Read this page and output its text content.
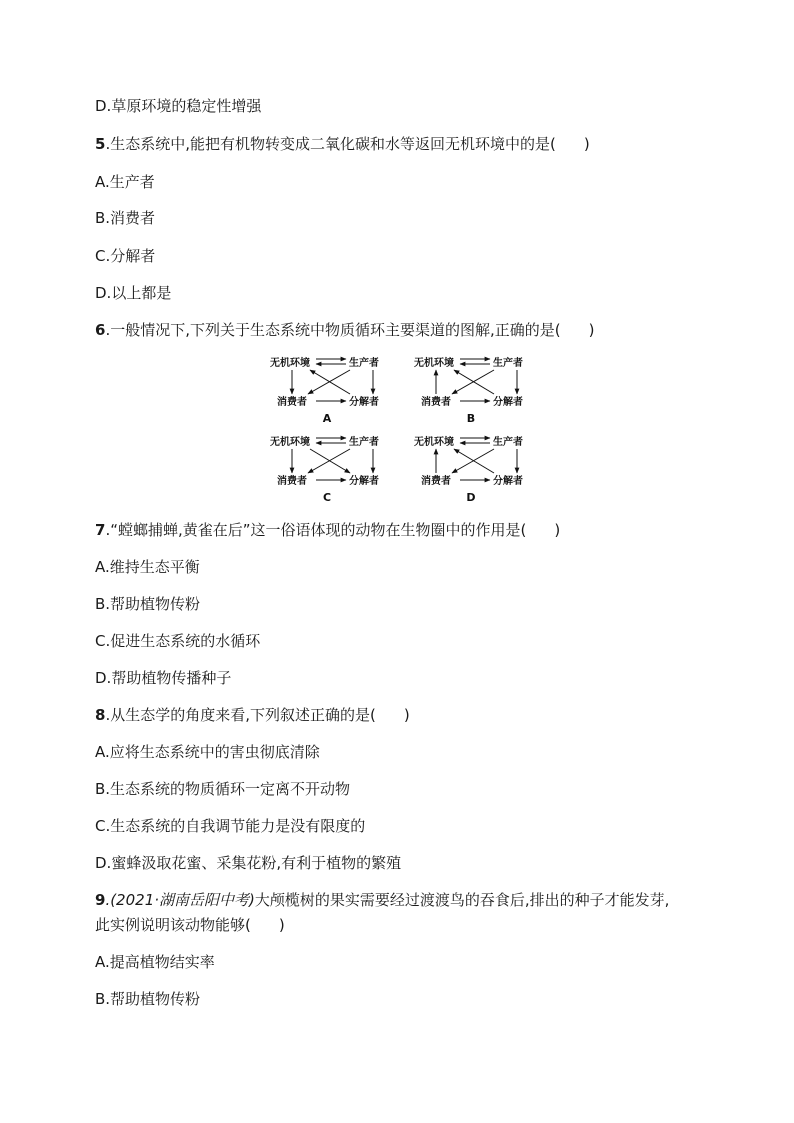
D.草原环境的稳定性增强
5.生态系统中,能把有机物转变成二氧化碳和水等返回无机环境中的是( )
A.生产者
B.消费者
C.分解者
D.以上都是
6.一般情况下,下列关于生态系统中物质循环主要渠道的图解,正确的是( )
无机环境	生产者
消费者	分解者
A
无机环境	生产者
消费者	分解者
B
无机环境	生产者
消费者	分解者
C
无机环境	生产者
消费者	分解者
D
7.“螳螂捕蝉,黄雀在后”这一俗语体现的动物在生物圈中的作用是( )
A.维持生态平衡
B.帮助植物传粉
C.促进生态系统的水循环
D.帮助植物传播种子
8.从生态学的角度来看,下列叙述正确的是( )
A.应将生态系统中的害虫彻底清除
B.生态系统的物质循环一定离不开动物
C.生态系统的自我调节能力是没有限度的
D.蜜蜂汲取花蜜、采集花粉,有利于植物的繁殖
9.(2021·湖南岳阳中考)大颅榄树的果实需要经过渡渡鸟的吞食后,排出的种子才能发芽,
此实例说明该动物能够( )
A.提高植物结实率
B.帮助植物传粉
